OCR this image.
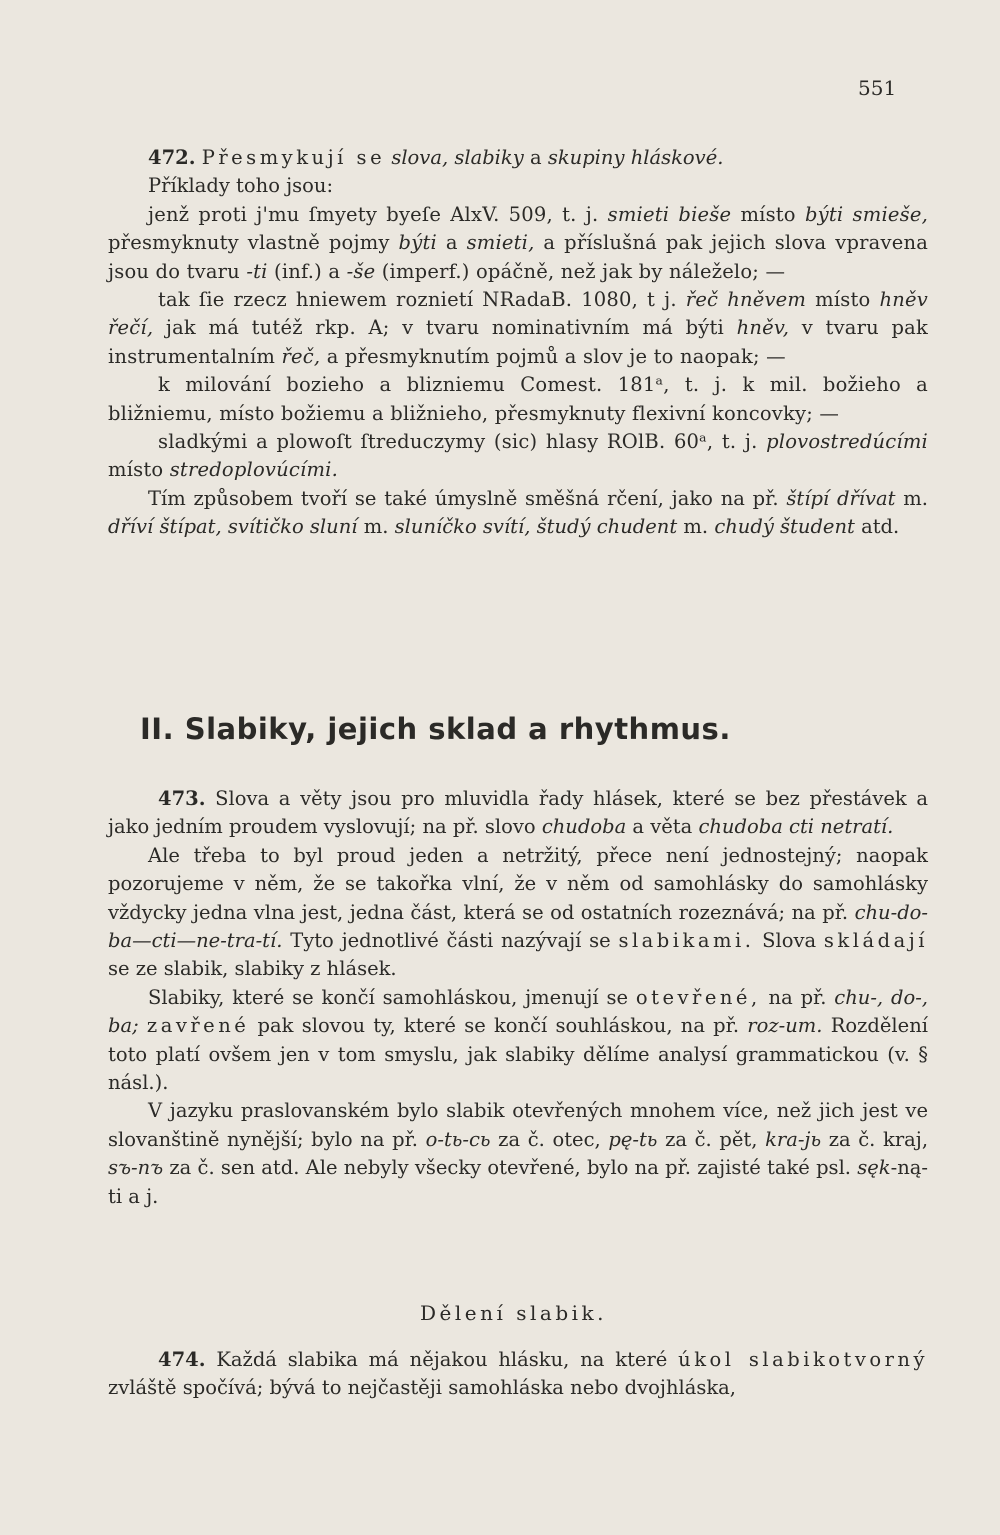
551

472. Přesmykují se slova, slabiky a skupiny hláskové.

Příklady toho jsou:

jenž proti j'mu ſmyety byeſe AlxV. 509, t. j. smieti bieše místo býti smieše, přesmyknuty vlastně pojmy býti a smieti, a příslušná pak jejich slova vpravena jsou do tvaru -ti (inf.) a -še (imperf.) opáčně, než jak by náleželo; —

tak ſie rzecz hniewem roznietí NRadaB. 1080, t j. řeč hněvem místo hněv řečí, jak má tutéž rkp. A; v tvaru nominativním má býti hněv, v tvaru pak instrumentalním řeč, a přesmyknutím pojmů a slov je to naopak; —

k milování bozieho a blizniemu Comest. 181ᵃ, t. j. k mil. božieho a bližniemu, místo božiemu a bližnieho, přesmyknuty flexivní koncovky; —

sladkými a plowoſt ſtreduczymy (sic) hlasy ROlB. 60ᵃ, t. j. plovostredúcími místo stredoplovúcími.

Tím způsobem tvoří se také úmyslně směšná rčení, jako na př. štípí dřívat m. dříví štípat, svítičko sluní m. sluníčko svítí, študý chudent m. chudý študent atd.

II. Slabiky, jejich sklad a rhythmus.

473. Slova a věty jsou pro mluvidla řady hlásek, které se bez přestávek a jako jedním proudem vyslovují; na př. slovo chudoba a věta chudoba cti netratí.

Ale třeba to byl proud jeden a netržitý, přece není jednostejný; naopak pozorujeme v něm, že se takořka vlní, že v něm od samohlásky do samohlásky vždycky jedna vlna jest, jedna část, která se od ostatních rozeznává; na př. chu-do-ba—cti—ne-tra-tí. Tyto jednotlivé části nazývají se slabikami. Slova skládají se ze slabik, slabiky z hlásek.

Slabiky, které se končí samohláskou, jmenují se otevřené, na př. chu-, do-, ba; zavřené pak slovou ty, které se končí souhláskou, na př. roz-um. Rozdělení toto platí ovšem jen v tom smyslu, jak slabiky dělíme analysí grammatickou (v. § násl.).

V jazyku praslovanském bylo slabik otevřených mnohem více, než jich jest ve slovanštině nynější; bylo na př. o-tь-сь za č. otec, pę-tь za č. pět, kra-jь za č. kraj, sъ-nъ za č. sen atd. Ale nebyly všecky otevřené, bylo na př. zajisté také psl. sęk-ną-ti a j.

Dělení slabik.

474. Každá slabika má nějakou hlásku, na které úkol slabikotvorný zvláště spočívá; bývá to nejčastěji samohláska nebo dvojhláska,
